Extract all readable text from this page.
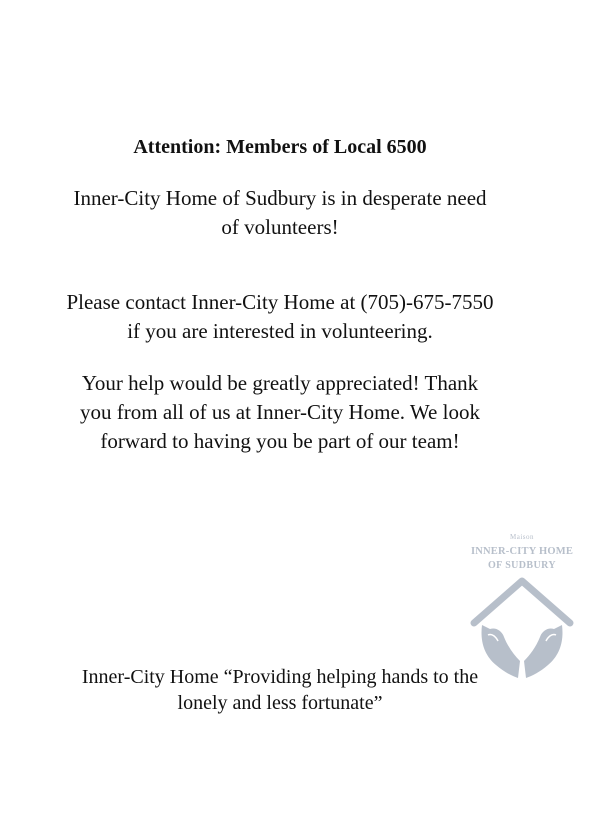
Attention: Members of Local 6500
Inner-City Home of Sudbury is in desperate need
of volunteers!
Please contact Inner-City Home at (705)-675-7550
if you are interested in volunteering.
Your help would be greatly appreciated! Thank
you from all of us at Inner-City Home. We look
forward to having you be part of our team!
Maison
INNER-CITY HOME
OF SUDBURY
Inner-City Home “Providing helping hands to the
lonely and less fortunate”
